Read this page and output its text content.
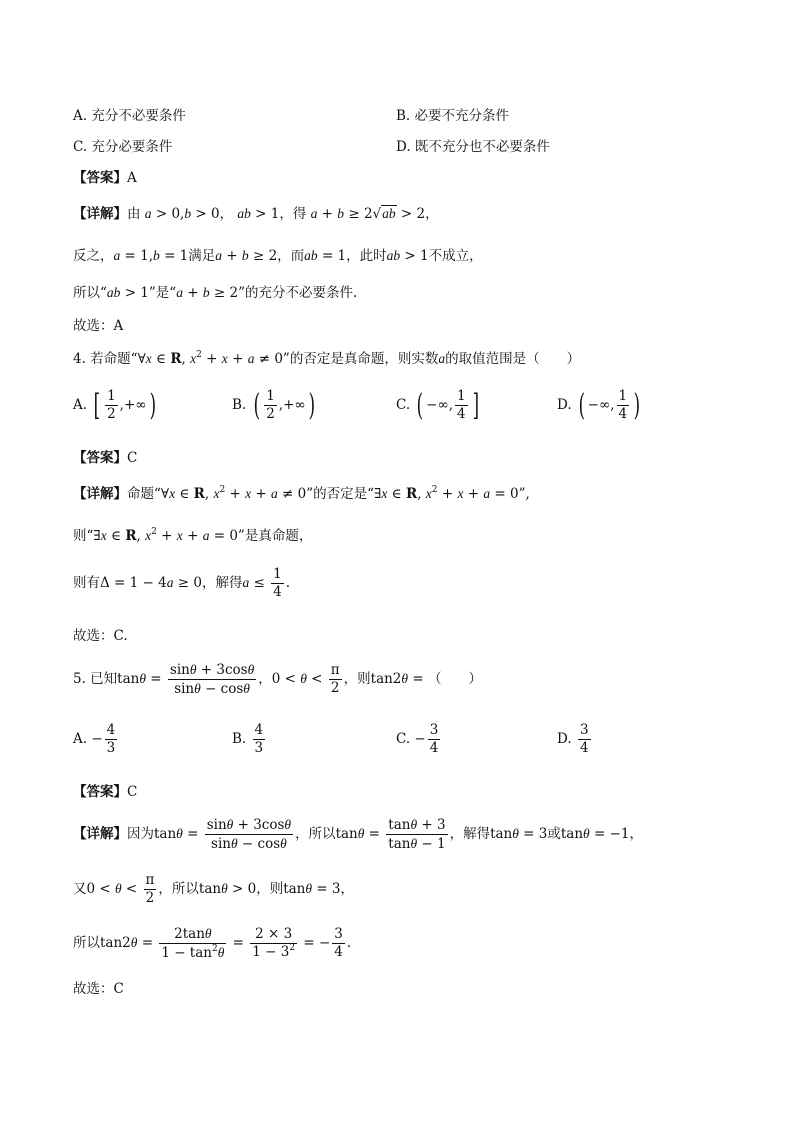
A. 充分不必要条件	B. 必要不充分条件
C. 充分必要条件	D. 既不充分也不必要条件
【答案】A
【详解】由 a > 0,b > 0， ab > 1，得 a + b ≥ 2√ab > 2，
反之，a = 1,b = 1满足a + b ≥ 2，而ab = 1，此时ab > 1不成立，
所以“ab > 1”是“a + b ≥ 2”的充分不必要条件.
故选：A
4. 若命题“∀x ∈ R, $x^2 + x + a \ne 0$”的否定是真命题，则实数a的取值范围是（　　）
A. [ $\frac{1}{2}$ ,+∞)	B. ( $\frac{1}{2}$ ,+∞)	C. ( −∞, $\frac{1}{4}$ ]	D. ( −∞, $\frac{1}{4}$ )
【答案】C
【详解】命题“∀x ∈ R, $x^2 + x + a \ne 0$”的否定是“∃x ∈ R, $x^2 + x + a = 0$”,
则“∃x ∈ R, $x^2 + x + a = 0$”是真命题，
则有Δ = 1 − 4a ≥ 0，解得$a \le \frac{1}{4}$ .
故选：C.
5. 已知$\tan\theta = \frac{\sin\theta + 3\cos\theta}{\sin\theta - \cos\theta}$ ，$0 < \theta < \frac{\pi}{2}$ ，则tan2θ = （　　）
A. − $\frac{4}{3}$	B. $\frac{4}{3}$	C. − $\frac{3}{4}$	D. $\frac{3}{4}$
【答案】C
【详解】因为$\tan\theta = \frac{\sin\theta + 3\cos\theta}{\sin\theta - \cos\theta}$ ，所以$\tan\theta = \frac{\tan\theta + 3}{\tan\theta - 1}$ ，解得tanθ = 3或tanθ = −1，
又$0 < \theta < \frac{\pi}{2}$ ，所以tanθ > 0，则tanθ = 3，
所以$\tan 2\theta = \frac{2\tan\theta}{1 - \tan^2\theta} = \frac{2 \times 3}{1 - 3^2}$ = − $\frac{3}{4}$ .
故选：C
